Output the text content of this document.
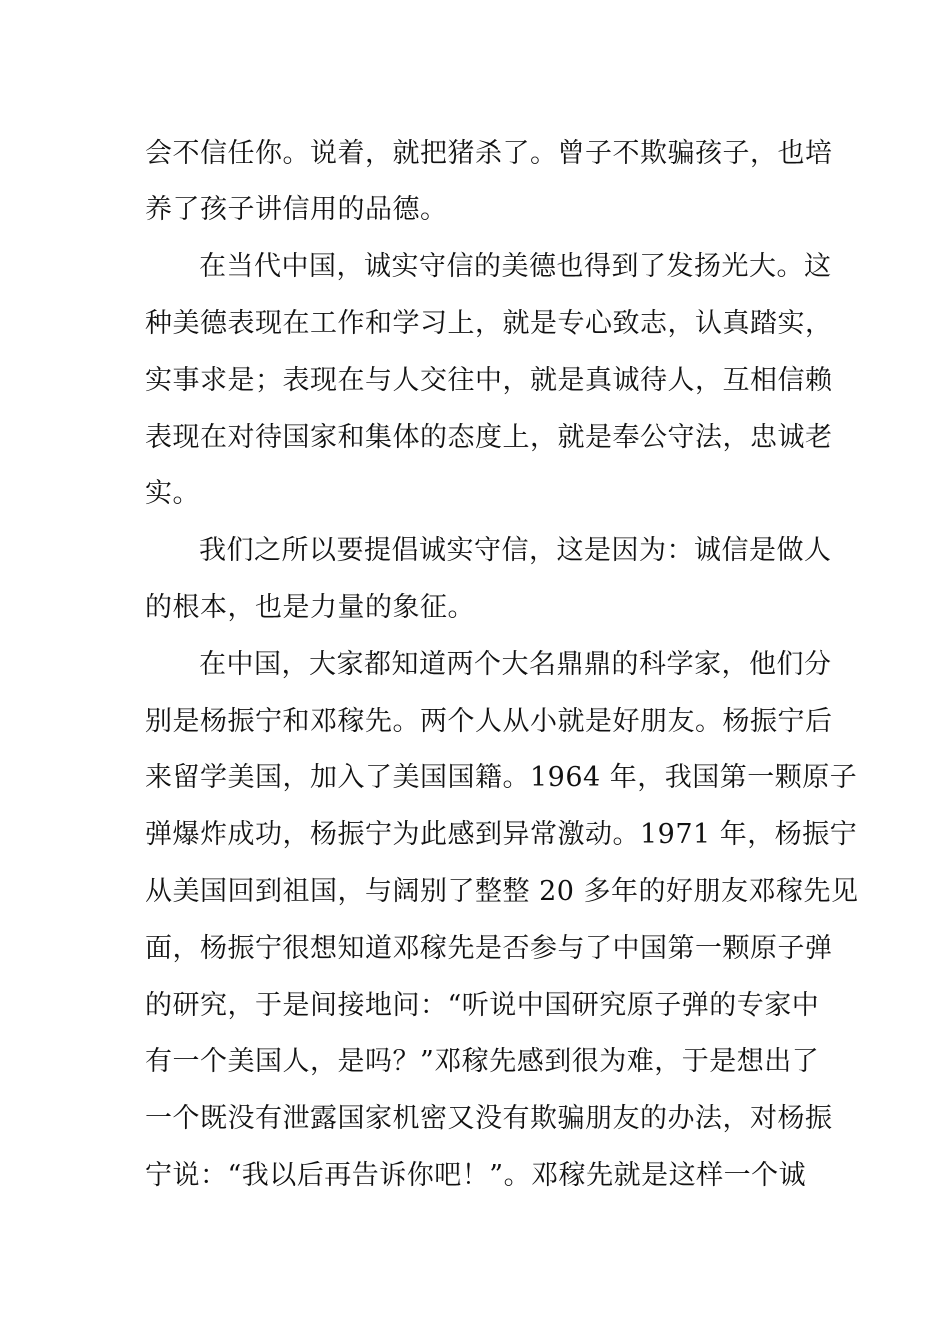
会不信任你。说着，就把猪杀了。曾子不欺骗孩子，也培
养了孩子讲信用的品德。
在当代中国，诚实守信的美德也得到了发扬光大。这
种美德表现在工作和学习上，就是专心致志，认真踏实，
实事求是；表现在与人交往中，就是真诚待人，互相信赖
表现在对待国家和集体的态度上，就是奉公守法，忠诚老
实。
我们之所以要提倡诚实守信，这是因为：诚信是做人
的根本，也是力量的象征。
在中国，大家都知道两个大名鼎鼎的科学家，他们分
别是杨振宁和邓稼先。两个人从小就是好朋友。杨振宁后
来留学美国，加入了美国国籍。1964 年，我国第一颗原子
弹爆炸成功，杨振宁为此感到异常激动。1971 年，杨振宁
从美国回到祖国，与阔别了整整 20 多年的好朋友邓稼先见
面，杨振宁很想知道邓稼先是否参与了中国第一颗原子弹
的研究，于是间接地问：“听说中国研究原子弹的专家中
有一个美国人，是吗？”邓稼先感到很为难，于是想出了
一个既没有泄露国家机密又没有欺骗朋友的办法，对杨振
宁说：“我以后再告诉你吧！”。邓稼先就是这样一个诚
